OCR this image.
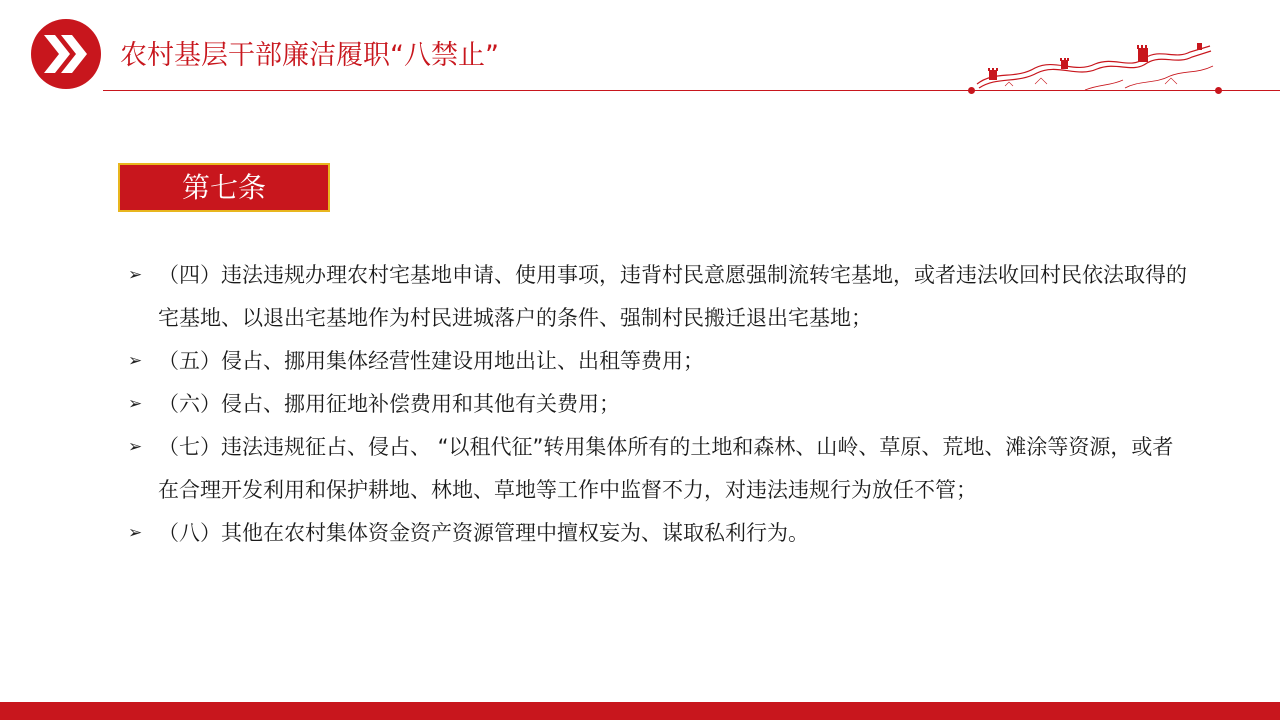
农村基层干部廉洁履职“八禁止”
第七条
➢ （四）违法违规办理农村宅基地申请、使用事项，违背村民意愿强制流转宅基地，或者违法收回村民依法取得的宅基地、以退出宅基地作为村民进城落户的条件、强制村民搬迁退出宅基地；
➢ （五）侵占、挪用集体经营性建设用地出让、出租等费用；
➢ （六）侵占、挪用征地补偿费用和其他有关费用；
➢ （七）违法违规征占、侵占、 “以租代征”转用集体所有的土地和森林、山岭、草原、荒地、滩涂等资源，或者在合理开发利用和保护耕地、林地、草地等工作中监督不力，对违法违规行为放任不管；
➢ （八）其他在农村集体资金资产资源管理中擅权妄为、谋取私利行为。
